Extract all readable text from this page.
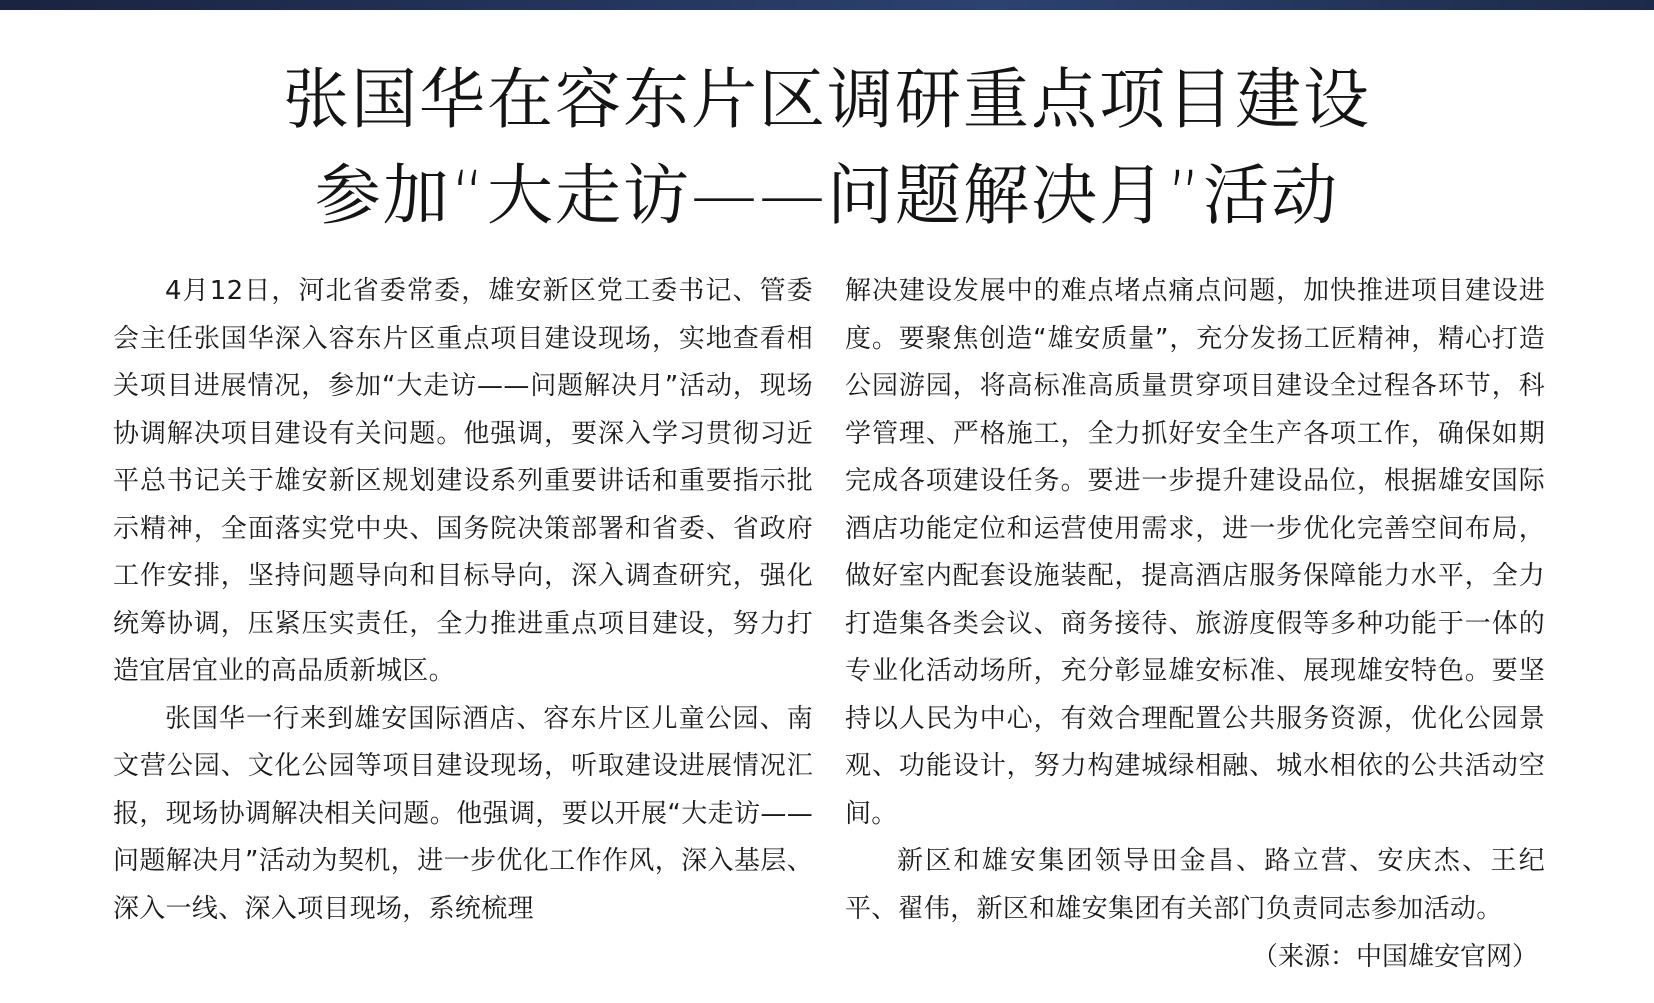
张国华在容东片区调研重点项目建设
参加“大走访——问题解决月”活动

4月12日，河北省委常委，雄安新区党工委书记、管委会主任张国华深入容东片区重点项目建设现场，实地查看相关项目进展情况，参加“大走访——问题解决月”活动，现场协调解决项目建设有关问题。他强调，要深入学习贯彻习近平总书记关于雄安新区规划建设系列重要讲话和重要指示批示精神，全面落实党中央、国务院决策部署和省委、省政府工作安排，坚持问题导向和目标导向，深入调查研究，强化统筹协调，压紧压实责任，全力推进重点项目建设，努力打造宜居宜业的高品质新城区。

张国华一行来到雄安国际酒店、容东片区儿童公园、南文营公园、文化公园等项目建设现场，听取建设进展情况汇报，现场协调解决相关问题。他强调，要以开展“大走访——问题解决月”活动为契机，进一步优化工作作风，深入基层、深入一线、深入项目现场，系统梳理

解决建设发展中的难点堵点痛点问题，加快推进项目建设进度。要聚焦创造“雄安质量”，充分发扬工匠精神，精心打造公园游园，将高标准高质量贯穿项目建设全过程各环节，科学管理、严格施工，全力抓好安全生产各项工作，确保如期完成各项建设任务。要进一步提升建设品位，根据雄安国际酒店功能定位和运营使用需求，进一步优化完善空间布局，做好室内配套设施装配，提高酒店服务保障能力水平，全力打造集各类会议、商务接待、旅游度假等多种功能于一体的专业化活动场所，充分彰显雄安标准、展现雄安特色。要坚持以人民为中心，有效合理配置公共服务资源，优化公园景观、功能设计，努力构建城绿相融、城水相依的公共活动空间。

新区和雄安集团领导田金昌、路立营、安庆杰、王纪平、翟伟，新区和雄安集团有关部门负责同志参加活动。

（来源：中国雄安官网）
